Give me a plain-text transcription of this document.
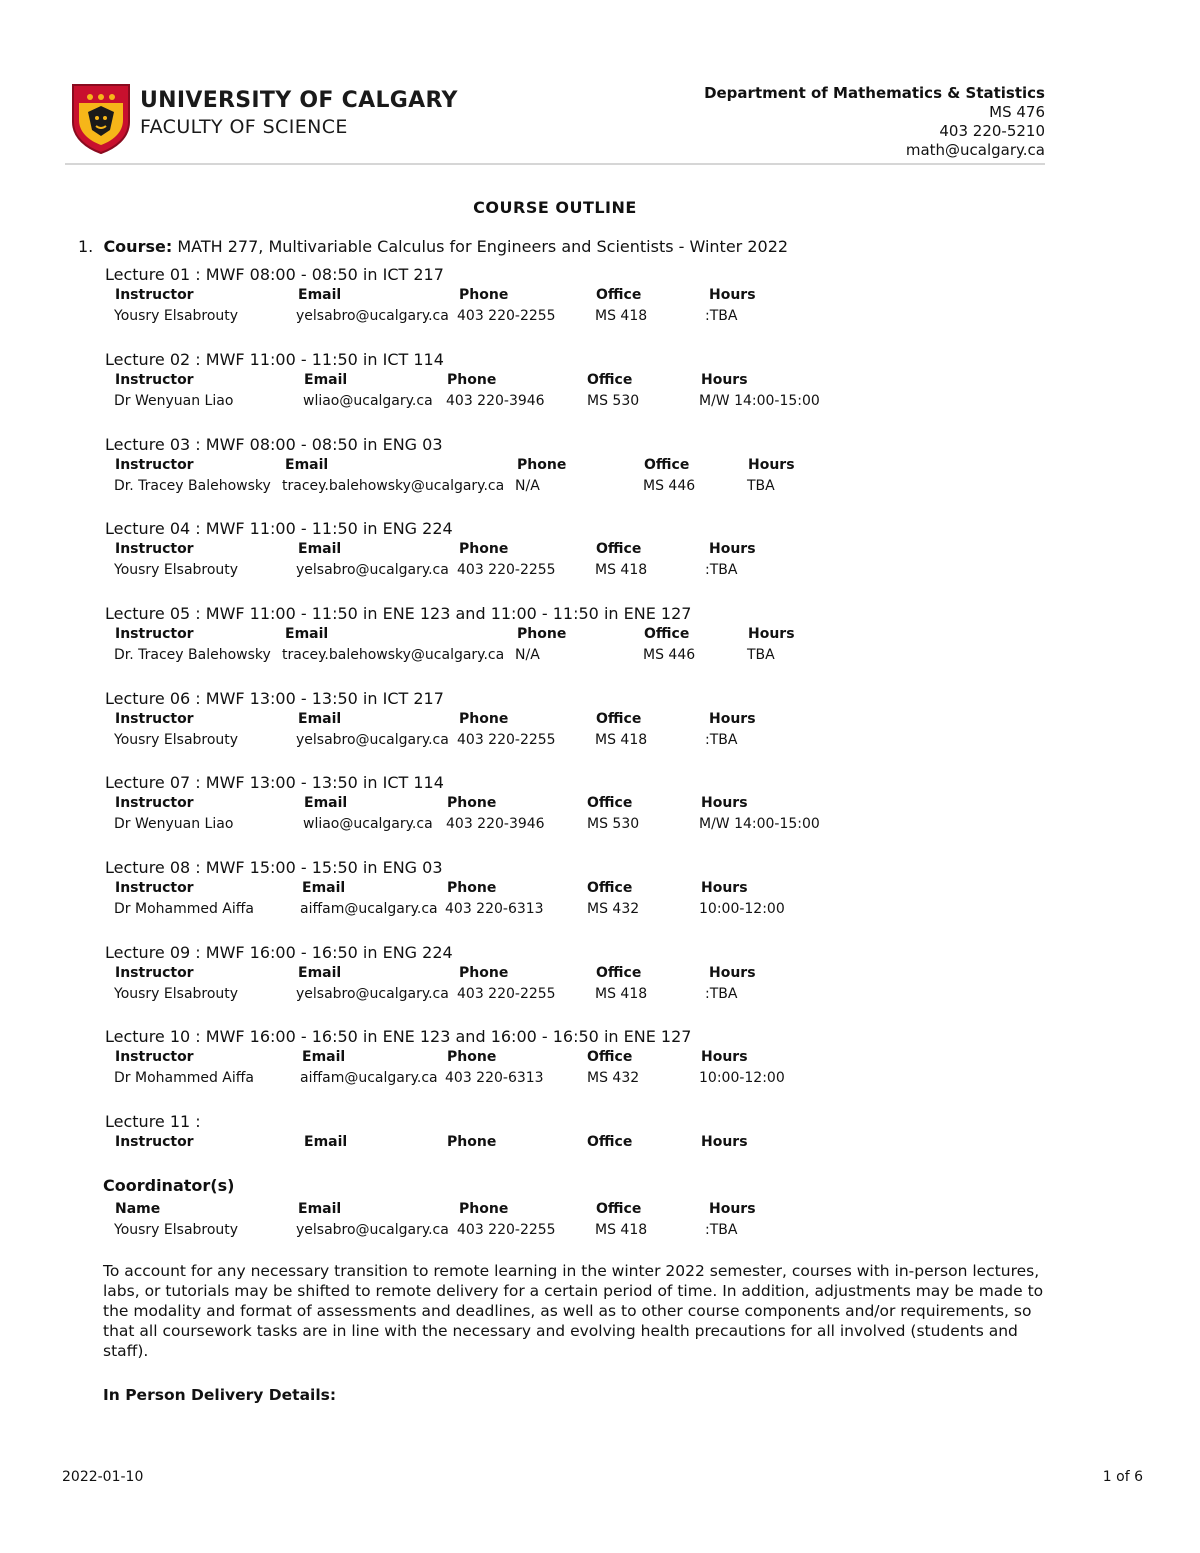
UNIVERSITY OF CALGARY
FACULTY OF SCIENCE
Department of Mathematics & Statistics
MS 476
403 220-5210
math@ucalgary.ca
COURSE OUTLINE
1. Course: MATH 277, Multivariable Calculus for Engineers and Scientists - Winter 2022
Lecture 01 : MWF 08:00 - 08:50 in ICT 217
Instructor	Email	Phone	Office	Hours
Yousry Elsabrouty	yelsabro@ucalgary.ca 403 220-2255	MS 418	:TBA
Lecture 02 : MWF 11:00 - 11:50 in ICT 114
Instructor	Email	Phone	Office	Hours
Dr Wenyuan Liao	wliao@ucalgary.ca 403 220-3946	MS 530	M/W 14:00-15:00
Lecture 03 : MWF 08:00 - 08:50 in ENG 03
Instructor	Email	Phone	Office	Hours
Dr. Tracey Balehowsky tracey.balehowsky@ucalgary.ca N/A	MS 446	TBA
Lecture 04 : MWF 11:00 - 11:50 in ENG 224
Instructor	Email	Phone	Office	Hours
Yousry Elsabrouty	yelsabro@ucalgary.ca 403 220-2255	MS 418	:TBA
Lecture 05 : MWF 11:00 - 11:50 in ENE 123 and 11:00 - 11:50 in ENE 127
Instructor	Email	Phone	Office	Hours
Dr. Tracey Balehowsky tracey.balehowsky@ucalgary.ca N/A	MS 446	TBA
Lecture 06 : MWF 13:00 - 13:50 in ICT 217
Instructor	Email	Phone	Office	Hours
Yousry Elsabrouty	yelsabro@ucalgary.ca 403 220-2255	MS 418	:TBA
Lecture 07 : MWF 13:00 - 13:50 in ICT 114
Instructor	Email	Phone	Office	Hours
Dr Wenyuan Liao	wliao@ucalgary.ca 403 220-3946	MS 530	M/W 14:00-15:00
Lecture 08 : MWF 15:00 - 15:50 in ENG 03
Instructor	Email	Phone	Office	Hours
Dr Mohammed Aiffa	aiffam@ucalgary.ca 403 220-6313	MS 432	10:00-12:00
Lecture 09 : MWF 16:00 - 16:50 in ENG 224
Instructor	Email	Phone	Office	Hours
Yousry Elsabrouty	yelsabro@ucalgary.ca 403 220-2255	MS 418	:TBA
Lecture 10 : MWF 16:00 - 16:50 in ENE 123 and 16:00 - 16:50 in ENE 127
Instructor	Email	Phone	Office	Hours
Dr Mohammed Aiffa	aiffam@ucalgary.ca 403 220-6313	MS 432	10:00-12:00
Lecture 11 :
Instructor	Email	Phone	Office	Hours
Coordinator(s)
Name	Email	Phone	Office	Hours
Yousry Elsabrouty	yelsabro@ucalgary.ca 403 220-2255	MS 418	:TBA
To account for any necessary transition to remote learning in the winter 2022 semester, courses with in-person lectures, labs, or tutorials may be shifted to remote delivery for a certain period of time. In addition, adjustments may be made to the modality and format of assessments and deadlines, as well as to other course components and/or requirements, so that all coursework tasks are in line with the necessary and evolving health precautions for all involved (students and staff).
In Person Delivery Details:
2022-01-10	1 of 6
